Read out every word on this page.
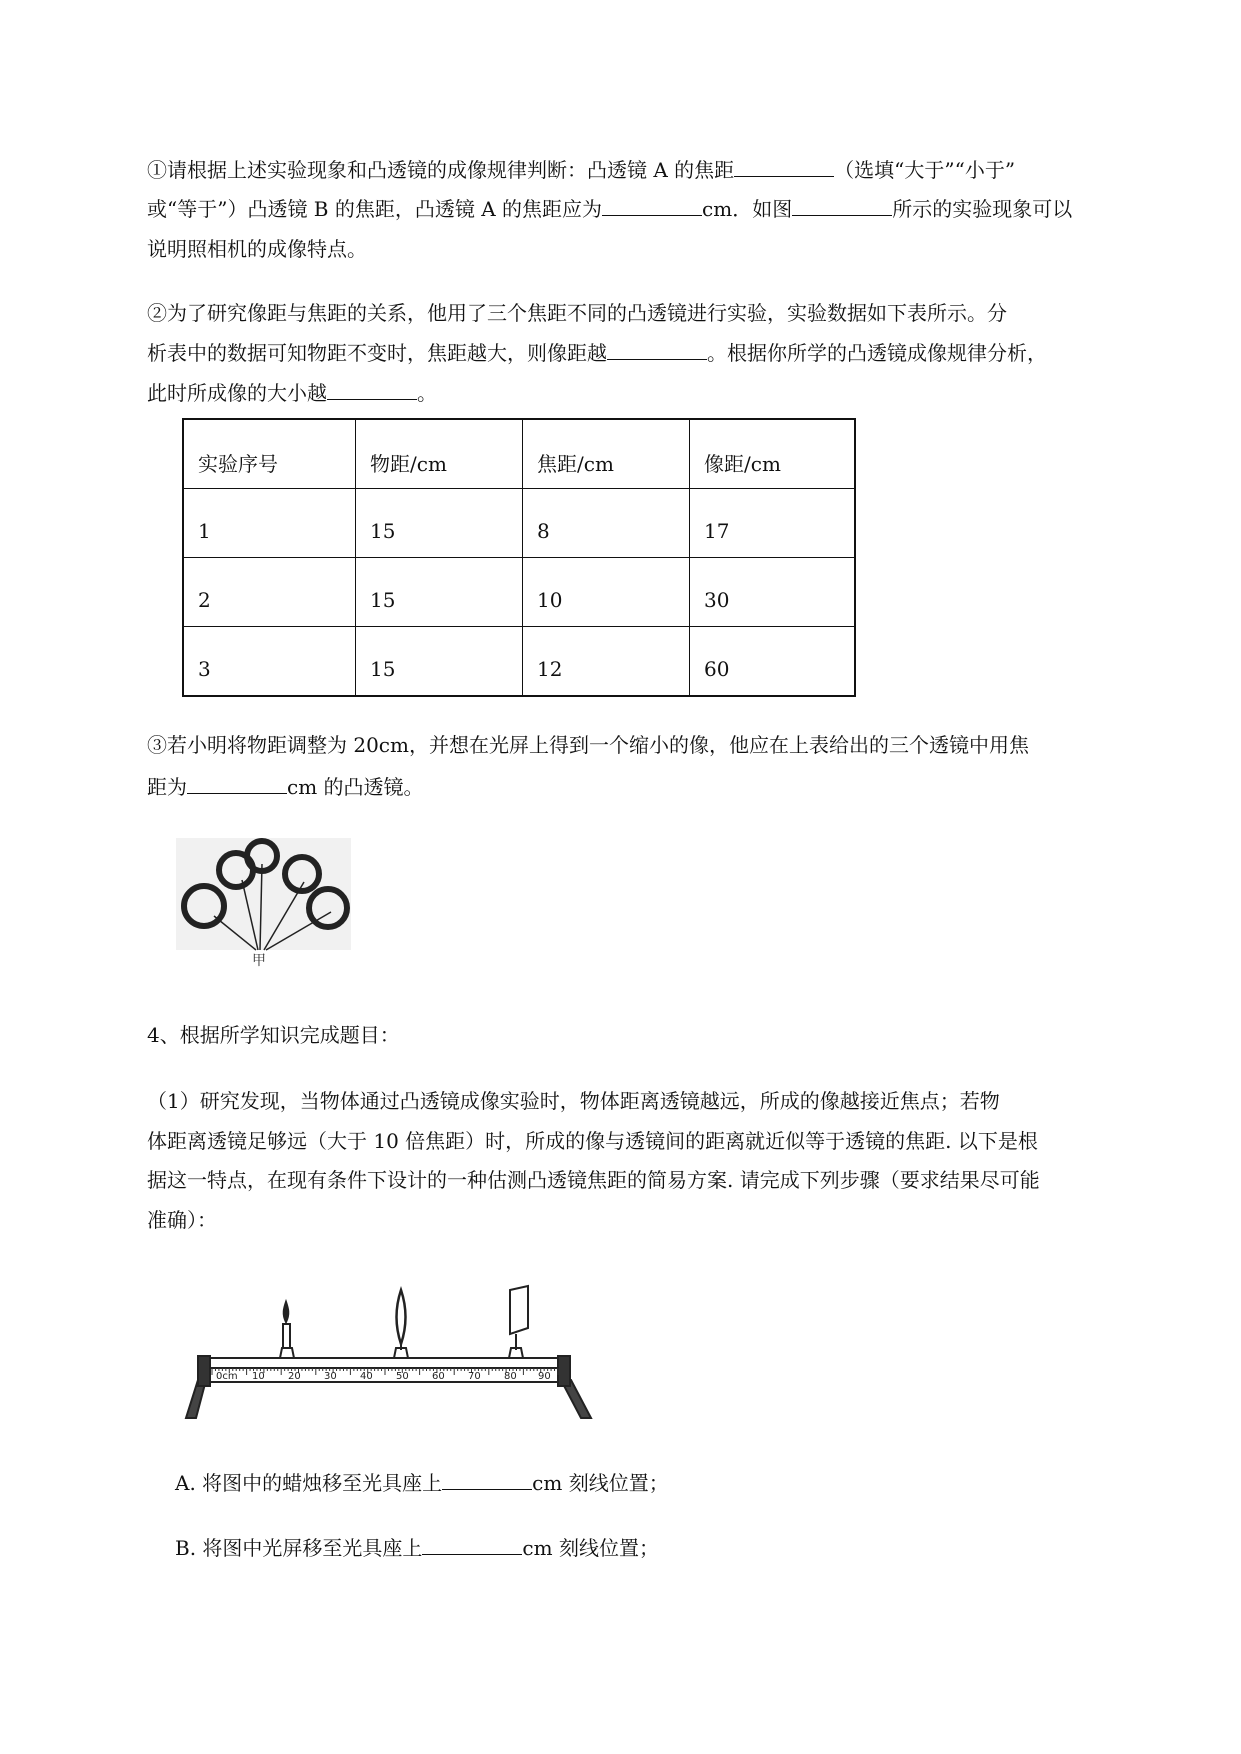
①请根据上述实验现象和凸透镜的成像规律判断：凸透镜 A 的焦距	（选填“大于”“小于”
或“等于”）凸透镜 B 的焦距，凸透镜 A 的焦距应为	cm．如图	所示的实验现象可以
说明照相机的成像特点。
②为了研究像距与焦距的关系，他用了三个焦距不同的凸透镜进行实验，实验数据如下表所示。分
析表中的数据可知物距不变时，焦距越大，则像距越	。根据你所学的凸透镜成像规律分析，
此时所成像的大小越	。
实验序号	物距/cm	焦距/cm	像距/cm
1	15	8	17
2	15	10	30
3	15	12	60
③若小明将物距调整为 20cm，并想在光屏上得到一个缩小的像，他应在上表给出的三个透镜中用焦
距为	cm 的凸透镜。
甲
4、根据所学知识完成题目：
（1）研究发现，当物体通过凸透镜成像实验时，物体距离透镜越远，所成的像越接近焦点；若物
体距离透镜足够远（大于 10 倍焦距）时，所成的像与透镜间的距离就近似等于透镜的焦距. 以下是根
据这一特点，在现有条件下设计的一种估测凸透镜焦距的简易方案. 请完成下列步骤（要求结果尽可能
准确）：
0cm 10 20 30 40 50 60 70 80 90
A. 将图中的蜡烛移至光具座上	cm 刻线位置；
B. 将图中光屏移至光具座上	cm 刻线位置；
